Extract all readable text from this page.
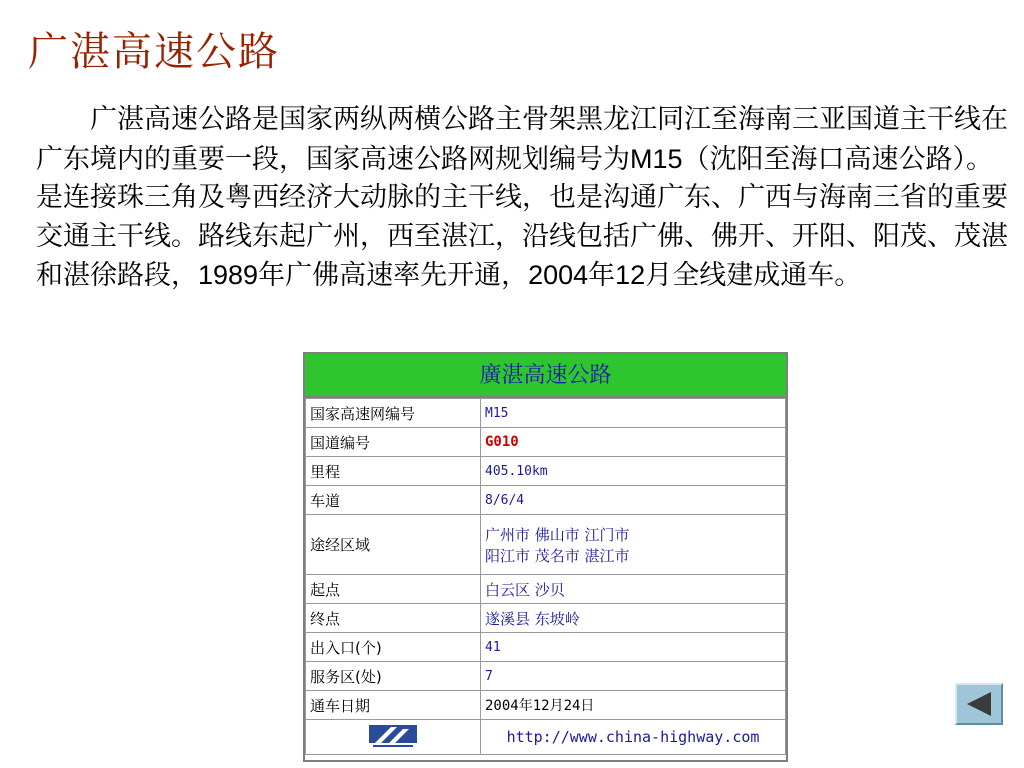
广湛高速公路

广湛高速公路是国家两纵两横公路主骨架黑龙江同江至海南三亚国道主干线在广东境内的重要一段，国家高速公路网规划编号为M15（沈阳至海口高速公路）。是连接珠三角及粤西经济大动脉的主干线，也是沟通广东、广西与海南三省的重要交通主干线。路线东起广州，西至湛江，沿线包括广佛、佛开、开阳、阳茂、茂湛和湛徐路段，1989年广佛高速率先开通，2004年12月全线建成通车。

廣湛高速公路
国家高速网编号	M15
国道编号	G010
里程	405.10km
车道	8/6/4
途经区域	广州市 佛山市 江门市
阳江市 茂名市 湛江市

起点	白云区 沙贝
终点	遂溪县 东坡岭
出入口(个)	41
服务区(处)	7
通车日期	2004年12月24日
	http://www.china-highway.com
